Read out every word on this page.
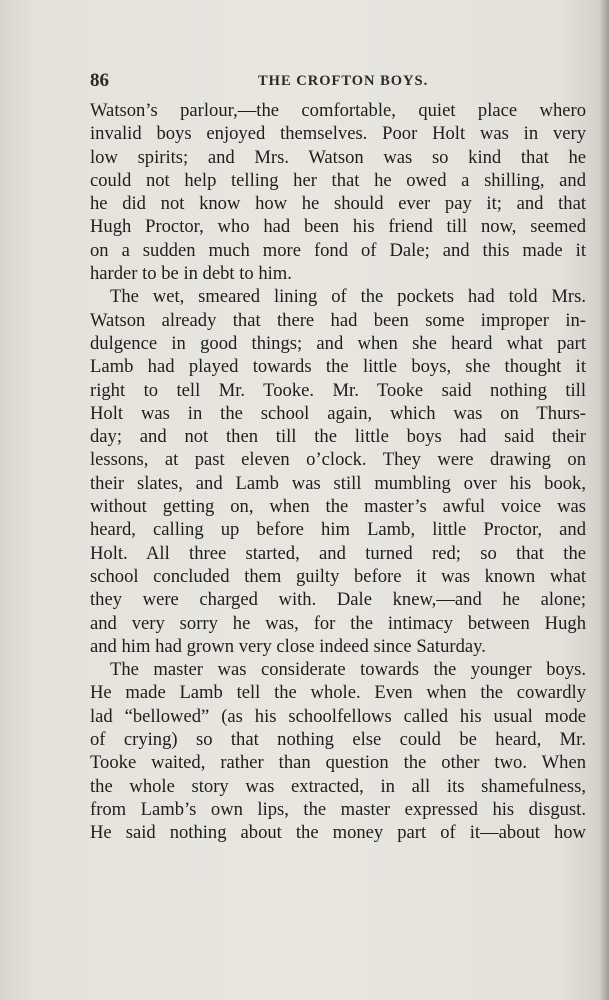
86	THE CROFTON BOYS.
Watson’s parlour,—the comfortable, quiet place whero
invalid boys enjoyed themselves. Poor Holt was in very
low spirits; and Mrs. Watson was so kind that he
could not help telling her that he owed a shilling, and
he did not know how he should ever pay it; and that
Hugh Proctor, who had been his friend till now, seemed
on a sudden much more fond of Dale; and this made it
harder to be in debt to him.
The wet, smeared lining of the pockets had told Mrs.
Watson already that there had been some improper in-
dulgence in good things; and when she heard what part
Lamb had played towards the little boys, she thought it
right to tell Mr. Tooke. Mr. Tooke said nothing till
Holt was in the school again, which was on Thurs-
day; and not then till the little boys had said their
lessons, at past eleven o’clock. They were drawing on
their slates, and Lamb was still mumbling over his book,
without getting on, when the master’s awful voice was
heard, calling up before him Lamb, little Proctor, and
Holt. All three started, and turned red; so that the
school concluded them guilty before it was known what
they were charged with. Dale knew,—and he alone;
and very sorry he was, for the intimacy between Hugh
and him had grown very close indeed since Saturday.
The master was considerate towards the younger boys.
He made Lamb tell the whole. Even when the cowardly
lad “bellowed” (as his schoolfellows called his usual mode
of crying) so that nothing else could be heard, Mr.
Tooke waited, rather than question the other two. When
the whole story was extracted, in all its shamefulness,
from Lamb’s own lips, the master expressed his disgust.
He said nothing about the money part of it—about how
